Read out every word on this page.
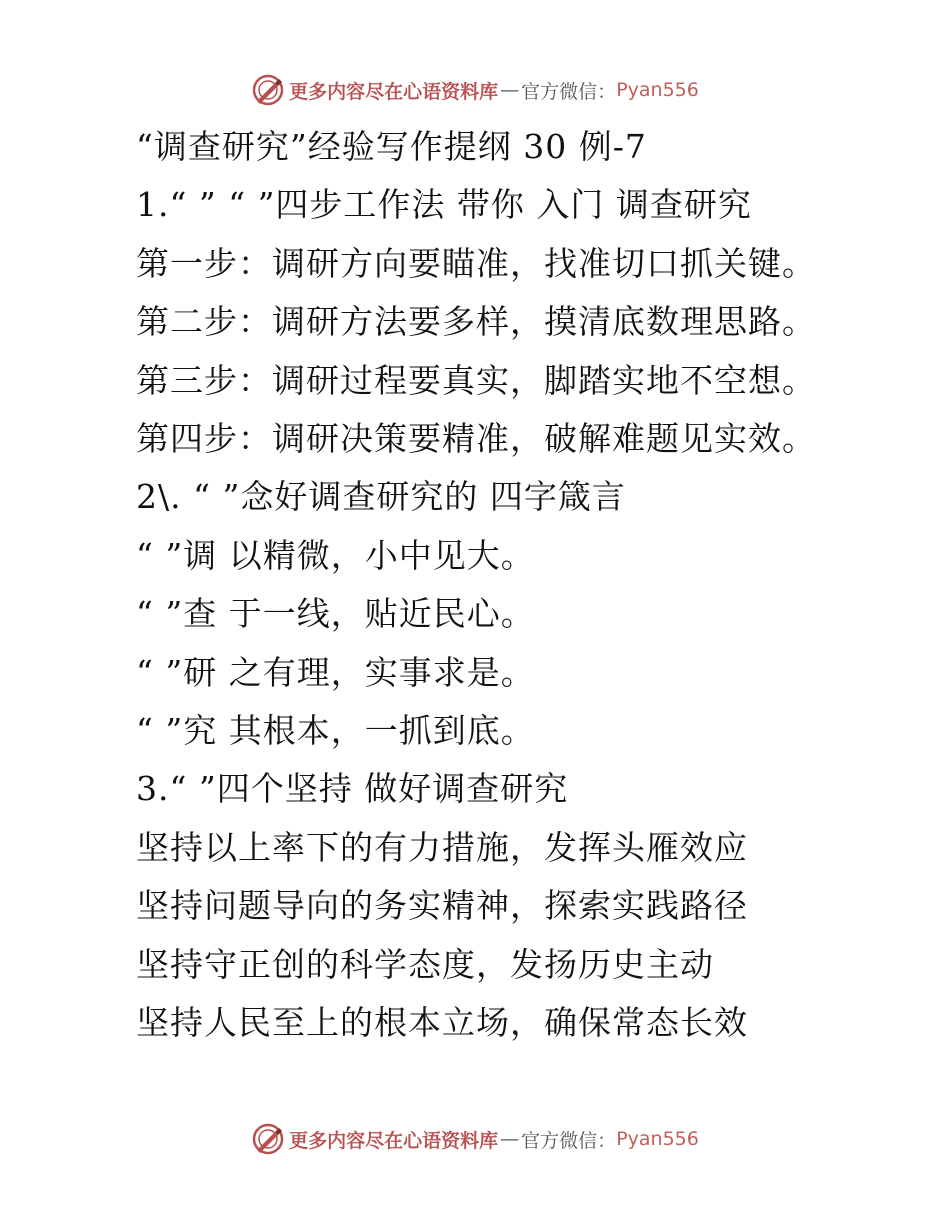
更多内容尽在心语资料库 — 官方微信： Pyan556
“调查研究”经验写作提纲 30 例-7
1.“ ” “ ”四步工作法 带你 入门 调查研究
第一步：调研方向要瞄准，找准切口抓关键。
第二步：调研方法要多样，摸清底数理思路。
第三步：调研过程要真实，脚踏实地不空想。
第四步：调研决策要精准，破解难题见实效。
2\. “ ”念好调查研究的 四字箴言
“ ”调 以精微，小中见大。
“ ”查 于一线，贴近民心。
“ ”研 之有理，实事求是。
“ ”究 其根本，一抓到底。
3.“ ”四个坚持 做好调查研究
坚持以上率下的有力措施，发挥头雁效应
坚持问题导向的务实精神，探索实践路径
坚持守正创的科学态度，发扬历史主动
坚持人民至上的根本立场，确保常态长效
更多内容尽在心语资料库 — 官方微信： Pyan556
